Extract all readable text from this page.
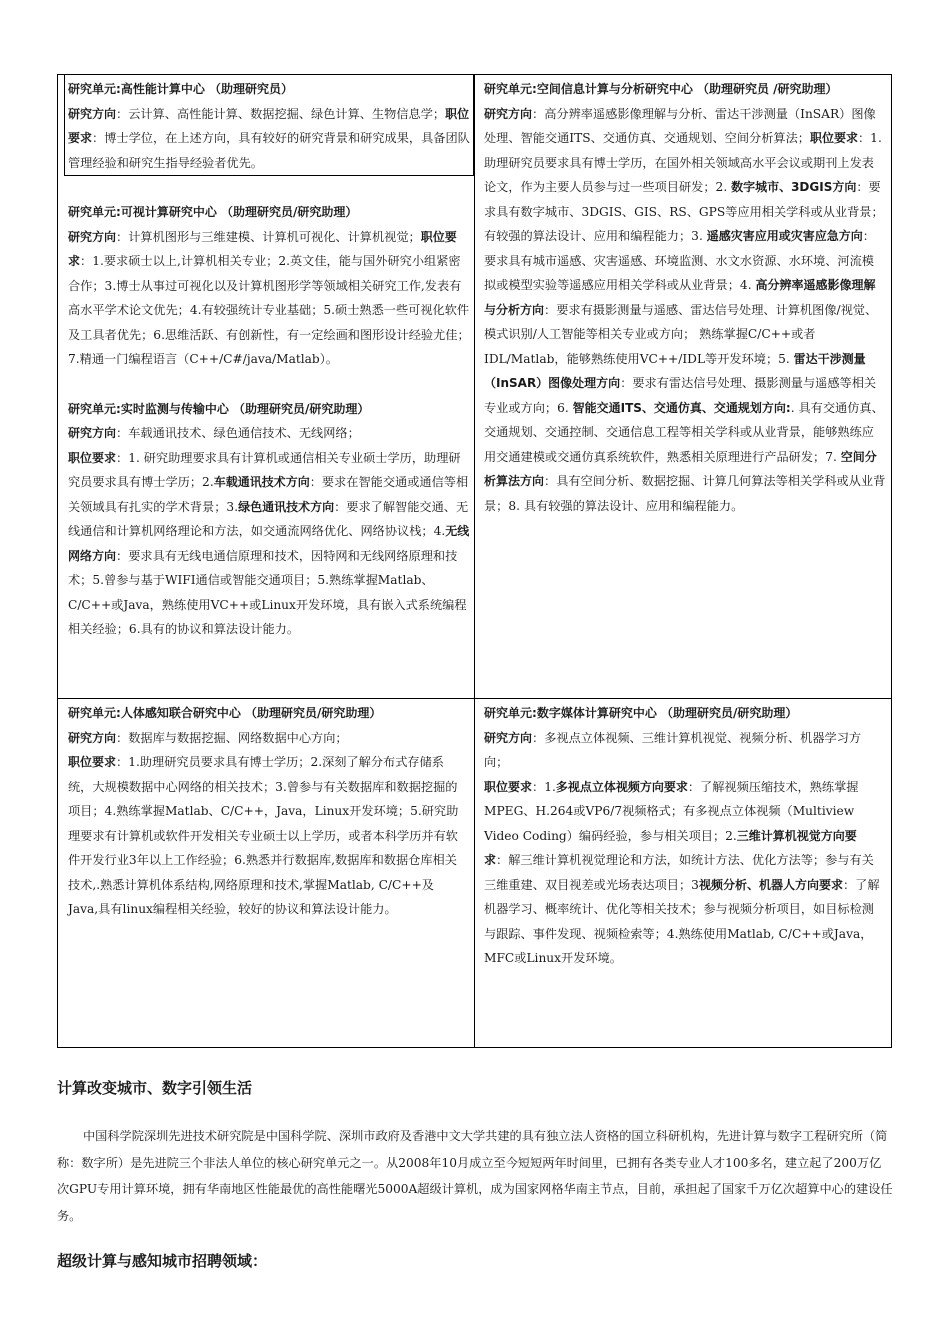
研究单元:高性能计算中心 （助理研究员）

研究方向：云计算、高性能计算、数据挖掘、绿色计算、生物信息学；职位要求：博士学位，在上述方向，具有较好的研究背景和研究成果，具备团队管理经验和研究生指导经验者优先。

研究单元:可视计算研究中心 （助理研究员/研究助理）

研究方向：计算机图形与三维建模、计算机可视化、计算机视觉；职位要求：1.要求硕士以上,计算机相关专业；2.英文佳，能与国外研究小组紧密合作；3.博士从事过可视化以及计算机图形学等领域相关研究工作,发表有高水平学术论文优先；4.有较强统计专业基础；5.硕士熟悉一些可视化软件及工具者优先；6.思维活跃、有创新性，有一定绘画和图形设计经验尤佳；7.精通一门编程语言（C++/C#/java/Matlab）。

研究单元:实时监测与传输中心 （助理研究员/研究助理）

研究方向：车载通讯技术、绿色通信技术、无线网络；

职位要求：1. 研究助理要求具有计算机或通信相关专业硕士学历，助理研究员要求具有博士学历；2.车载通讯技术方向：要求在智能交通或通信等相关领域具有扎实的学术背景；3.绿色通讯技术方向：要求了解智能交通、无线通信和计算机网络理论和方法，如交通流网络优化、网络协议栈；4.无线网络方向：要求具有无线电通信原理和技术，因特网和无线网络原理和技术；5.曾参与基于WIFI通信或智能交通项目；5.熟练掌握Matlab、C/C++或Java，熟练使用VC++或Linux开发环境，具有嵌入式系统编程相关经验；6.具有的协议和算法设计能力。

研究单元:空间信息计算与分析研究中心 （助理研究员 /研究助理）

研究方向：高分辨率遥感影像理解与分析、雷达干涉测量（InSAR）图像处理、智能交通ITS、交通仿真、交通规划、空间分析算法；职位要求：1.助理研究员要求具有博士学历，在国外相关领域高水平会议或期刊上发表论文，作为主要人员参与过一些项目研发；2. 数字城市、3DGIS方向：要求具有数字城市、3DGIS、GIS、RS、GPS等应用相关学科或从业背景；有较强的算法设计、应用和编程能力；3. 遥感灾害应用或灾害应急方向：要求具有城市遥感、灾害遥感、环境监测、水文水资源、水环境、河流模拟或模型实验等遥感应用相关学科或从业背景；4. 高分辨率遥感影像理解与分析方向：要求有摄影测量与遥感、雷达信号处理、计算机图像/视觉、模式识别/人工智能等相关专业或方向； 熟练掌握C/C++或者IDL/Matlab，能够熟练使用VC++/IDL等开发环境；5. 雷达干涉测量（InSAR）图像处理方向：要求有雷达信号处理、摄影测量与遥感等相关专业或方向；6. 智能交通ITS、交通仿真、交通规划方向:. 具有交通仿真、交通规划、交通控制、交通信息工程等相关学科或从业背景，能够熟练应用交通建模或交通仿真系统软件，熟悉相关原理进行产品研发；7. 空间分析算法方向：具有空间分析、数据挖掘、计算几何算法等相关学科或从业背景；8. 具有较强的算法设计、应用和编程能力。

研究单元:人体感知联合研究中心 （助理研究员/研究助理）

研究方向：数据库与数据挖掘、网络数据中心方向；

职位要求：1.助理研究员要求具有博士学历；2.深刻了解分布式存储系统，大规模数据中心网络的相关技术；3.曾参与有关数据库和数据挖掘的项目；4.熟练掌握Matlab、C/C++，Java，Linux开发环境；5.研究助理要求有计算机或软件开发相关专业硕士以上学历，或者本科学历并有软件开发行业3年以上工作经验；6.熟悉并行数据库,数据库和数据仓库相关技术,.熟悉计算机体系结构,网络原理和技术,掌握Matlab, C/C++及Java,具有linux编程相关经验，较好的协议和算法设计能力。

研究单元:数字媒体计算研究中心 （助理研究员/研究助理）

研究方向：多视点立体视频、三维计算机视觉、视频分析、机器学习方向；

职位要求：1.多视点立体视频方向要求：了解视频压缩技术，熟练掌握MPEG、H.264或VP6/7视频格式；有多视点立体视频（Multiview Video Coding）编码经验，参与相关项目；2.三维计算机视觉方向要求：解三维计算机视觉理论和方法，如统计方法、优化方法等；参与有关三维重建、双目视差或光场表达项目；3视频分析、机器人方向要求：了解机器学习、概率统计、优化等相关技术；参与视频分析项目，如目标检测与跟踪、事件发现、视频检索等；4.熟练使用Matlab, C/C++或Java，MFC或Linux开发环境。

计算改变城市、数字引领生活
中国科学院深圳先进技术研究院是中国科学院、深圳市政府及香港中文大学共建的具有独立法人资格的国立科研机构，先进计算与数字工程研究所（简称：数字所）是先进院三个非法人单位的核心研究单元之一。从2008年10月成立至今短短两年时间里，已拥有各类专业人才100多名，建立起了200万亿次GPU专用计算环境，拥有华南地区性能最优的高性能曙光5000A超级计算机，成为国家网格华南主节点，目前，承担起了国家千万亿次超算中心的建设任务。
超级计算与感知城市招聘领域：
